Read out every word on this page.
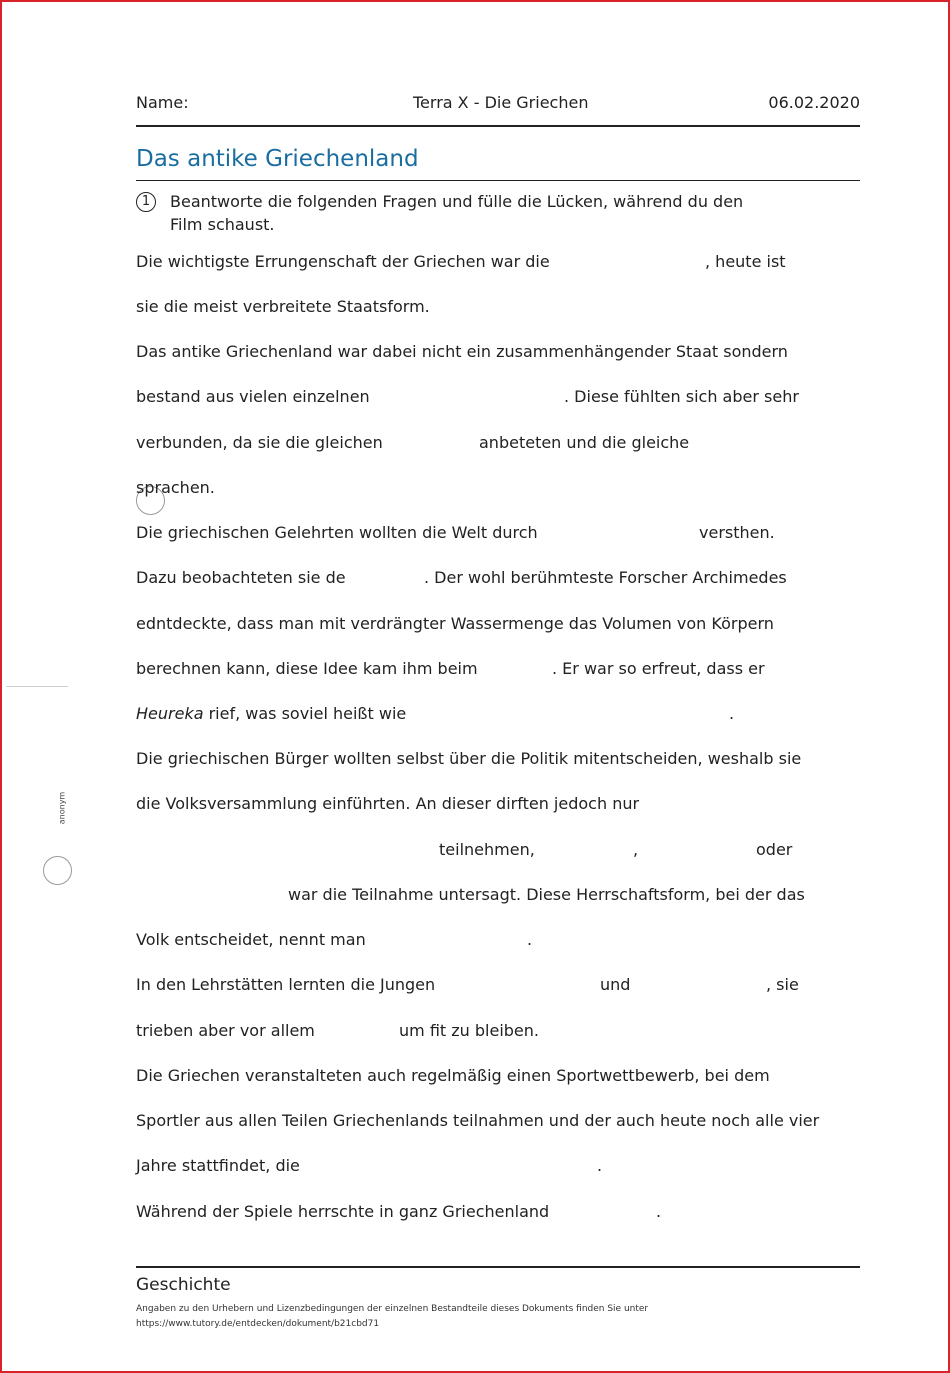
anonym
Name:	Terra X - Die Griechen	06.02.2020
Das antike Griechenland
1	Beantworte die folgenden Fragen und fülle die Lücken, während du den Film schaust.
Die wichtigste Errungenschaft der Griechen war die	, heute ist
sie die meist verbreitete Staatsform.
Das antike Griechenland war dabei nicht ein zusammenhängender Staat sondern
bestand aus vielen einzelnen	. Diese fühlten sich aber sehr
verbunden, da sie die gleichen	anbeteten und die gleiche
sprachen.
Die griechischen Gelehrten wollten die Welt durch	versthen.
Dazu beobachteten sie de	. Der wohl berühmteste Forscher Archimedes
edntdeckte, dass man mit verdrängter Wassermenge das Volumen von Körpern
berechnen kann, diese Idee kam ihm beim	. Er war so erfreut, dass er
Heureka rief, was soviel heißt wie	.
Die griechischen Bürger wollten selbst über die Politik mitentscheiden, weshalb sie
die Volksversammlung einführten. An dieser dirften jedoch nur
teilnehmen,	,	oder
war die Teilnahme untersagt. Diese Herrschaftsform, bei der das
Volk entscheidet, nennt man	.
In den Lehrstätten lernten die Jungen	und	, sie
trieben aber vor allem	um fit zu bleiben.
Die Griechen veranstalteten auch regelmäßig einen Sportwettbewerb, bei dem
Sportler aus allen Teilen Griechenlands teilnahmen und der auch heute noch alle vier
Jahre stattfindet, die	.
Während der Spiele herrschte in ganz Griechenland	.
Geschichte
Angaben zu den Urhebern und Lizenzbedingungen der einzelnen Bestandteile dieses Dokuments finden Sie unter
https://www.tutory.de/entdecken/dokument/b21cbd71
